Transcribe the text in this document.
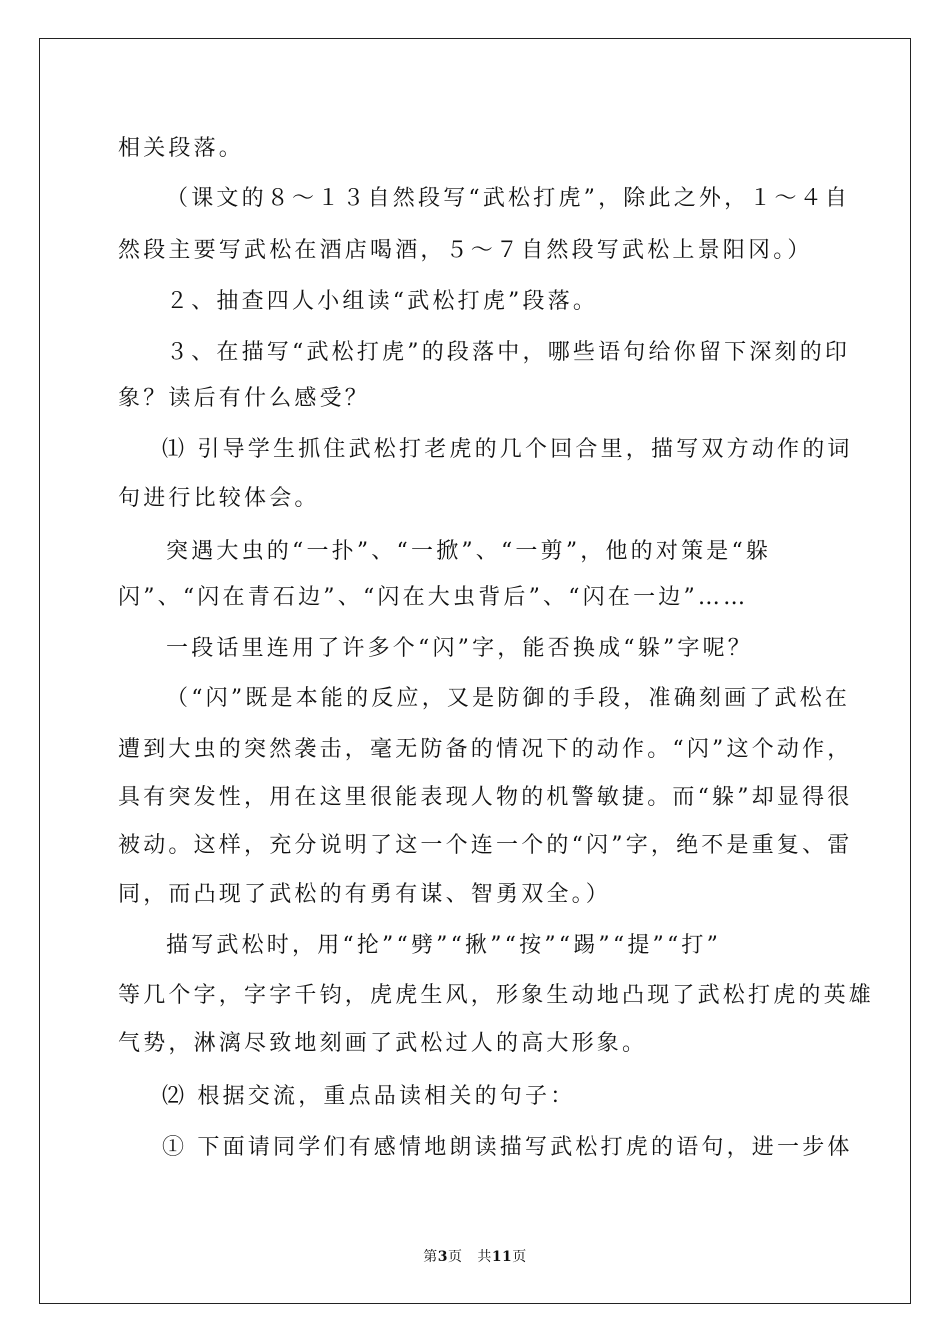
相关段落。
（课文的８～１３自然段写“武松打虎”，除此之外，１～４自
然段主要写武松在酒店喝酒，５～７自然段写武松上景阳冈。）
２、抽查四人小组读“武松打虎”段落。
３、在描写“武松打虎”的段落中，哪些语句给你留下深刻的印
象？读后有什么感受？
⑴ 引导学生抓住武松打老虎的几个回合里，描写双方动作的词
句进行比较体会。
突遇大虫的“一扑”、“一掀”、“一剪”，他的对策是“躲
闪”、“闪在青石边”、“闪在大虫背后”、“闪在一边”……
一段话里连用了许多个“闪”字，能否换成“躲”字呢？
（“闪”既是本能的反应，又是防御的手段，准确刻画了武松在
遭到大虫的突然袭击，毫无防备的情况下的动作。“闪”这个动作，
具有突发性，用在这里很能表现人物的机警敏捷。而“躲”却显得很
被动。这样，充分说明了这一个连一个的“闪”字，绝不是重复、雷
同，而凸现了武松的有勇有谋、智勇双全。）
描写武松时，用“抡”“劈”“揪”“按”“踢”“提”“打”
等几个字，字字千钧，虎虎生风，形象生动地凸现了武松打虎的英雄
气势，淋漓尽致地刻画了武松过人的高大形象。
⑵ 根据交流，重点品读相关的句子：
① 下面请同学们有感情地朗读描写武松打虎的语句，进一步体
第3页 共11页
